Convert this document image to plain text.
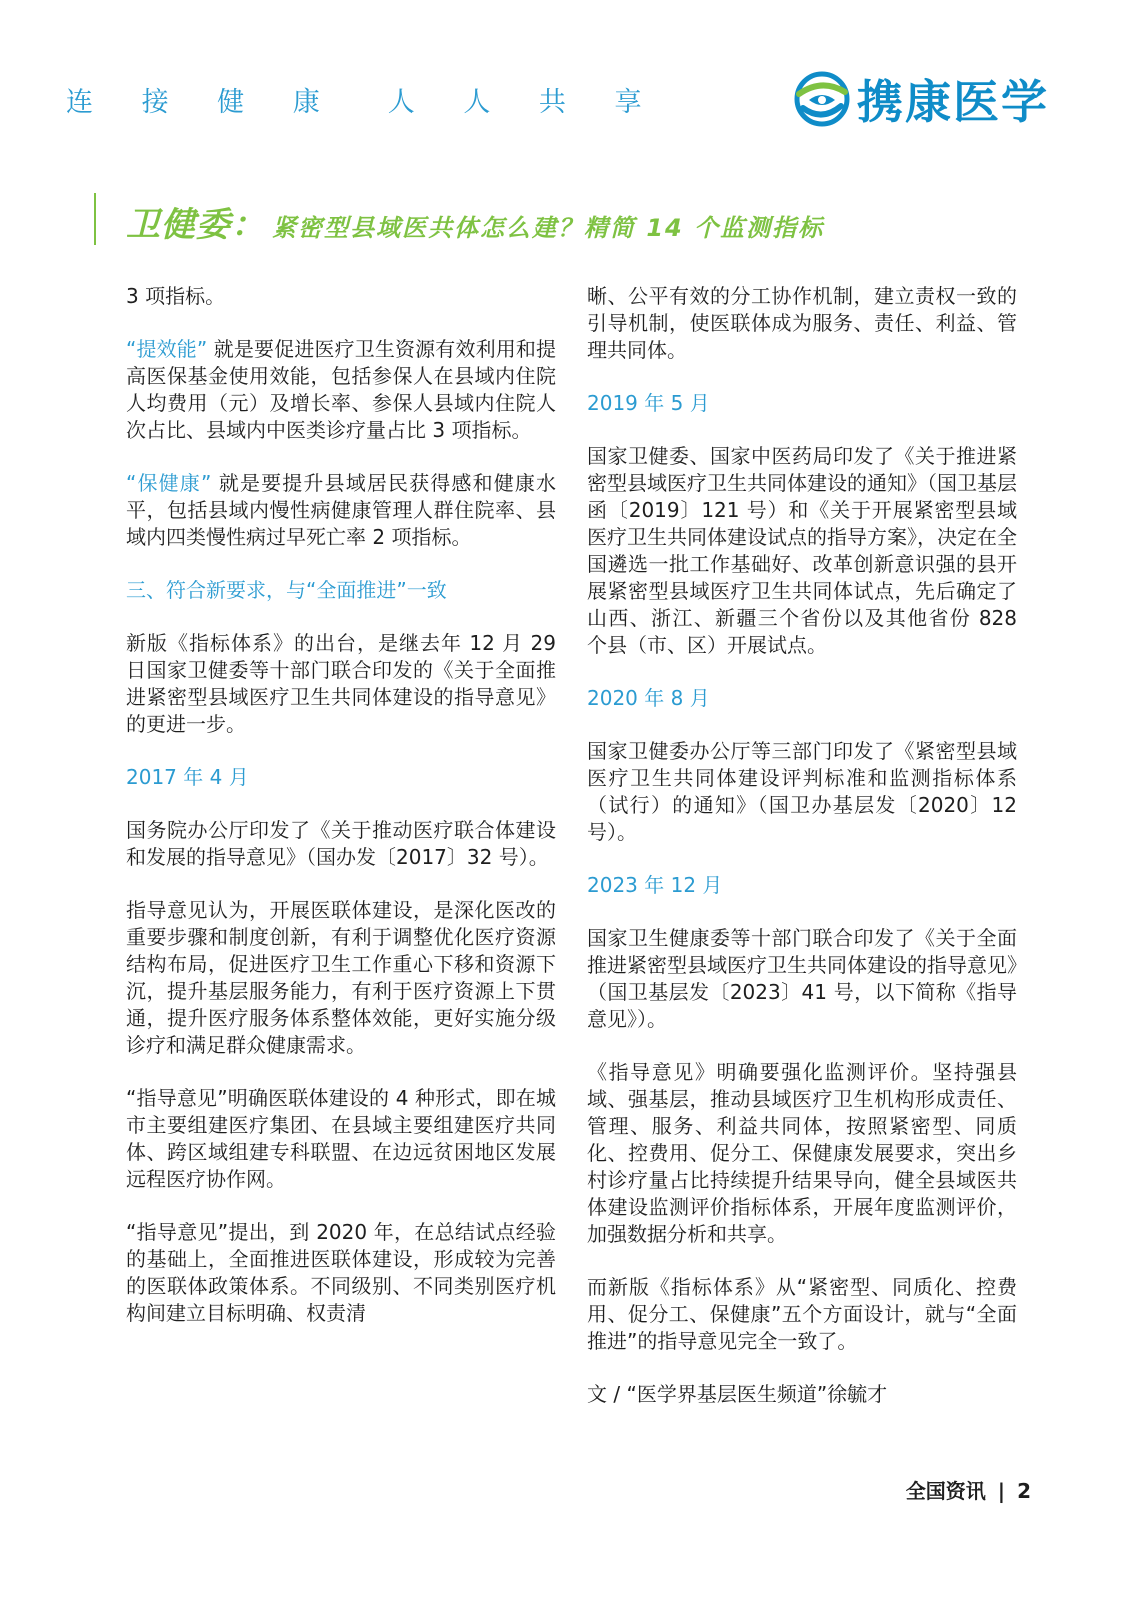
连 接 健 康 人 人 共 享	携康医学
卫健委： 紧密型县域医共体怎么建？精简 14 个监测指标

3 项指标。

“提效能” 就是要促进医疗卫生资源有效利用和提高医保基金使用效能，包括参保人在县域内住院人均费用（元）及增长率、参保人县域内住院人次占比、县域内中医类诊疗量占比 3 项指标。

“保健康” 就是要提升县域居民获得感和健康水平，包括县域内慢性病健康管理人群住院率、县域内四类慢性病过早死亡率 2 项指标。

三、符合新要求，与“全面推进”一致

新版《指标体系》的出台，是继去年 12 月 29 日国家卫健委等十部门联合印发的《关于全面推进紧密型县域医疗卫生共同体建设的指导意见》的更进一步。

2017 年 4 月

国务院办公厅印发了《关于推动医疗联合体建设和发展的指导意见》（国办发〔2017〕32 号）。

指导意见认为，开展医联体建设，是深化医改的重要步骤和制度创新，有利于调整优化医疗资源结构布局，促进医疗卫生工作重心下移和资源下沉，提升基层服务能力，有利于医疗资源上下贯通，提升医疗服务体系整体效能，更好实施分级诊疗和满足群众健康需求。

“指导意见”明确医联体建设的 4 种形式，即在城市主要组建医疗集团、在县域主要组建医疗共同体、跨区域组建专科联盟、在边远贫困地区发展远程医疗协作网。

“指导意见”提出，到 2020 年，在总结试点经验的基础上，全面推进医联体建设，形成较为完善的医联体政策体系。不同级别、不同类别医疗机构间建立目标明确、权责清

晰、公平有效的分工协作机制，建立责权一致的引导机制，使医联体成为服务、责任、利益、管理共同体。

2019 年 5 月

国家卫健委、国家中医药局印发了《关于推进紧密型县域医疗卫生共同体建设的通知》（国卫基层函〔2019〕121 号）和《关于开展紧密型县域医疗卫生共同体建设试点的指导方案》，决定在全国遴选一批工作基础好、改革创新意识强的县开展紧密型县域医疗卫生共同体试点，先后确定了山西、浙江、新疆三个省份以及其他省份 828 个县（市、区）开展试点。

2020 年 8 月

国家卫健委办公厅等三部门印发了《紧密型县域医疗卫生共同体建设评判标准和监测指标体系（试行）的通知》（国卫办基层发〔2020〕12 号）。

2023 年 12 月

国家卫生健康委等十部门联合印发了《关于全面推进紧密型县域医疗卫生共同体建设的指导意见》（国卫基层发〔2023〕41 号，以下简称《指导意见》）。

《指导意见》明确要强化监测评价。坚持强县域、强基层，推动县域医疗卫生机构形成责任、管理、服务、利益共同体，按照紧密型、同质化、控费用、促分工、保健康发展要求，突出乡村诊疗量占比持续提升结果导向，健全县域医共体建设监测评价指标体系，开展年度监测评价，加强数据分析和共享。

而新版《指标体系》从“紧密型、同质化、控费用、促分工、保健康”五个方面设计，就与“全面推进”的指导意见完全一致了。

文 / “医学界基层医生频道”徐毓才

全国资讯 | 2
